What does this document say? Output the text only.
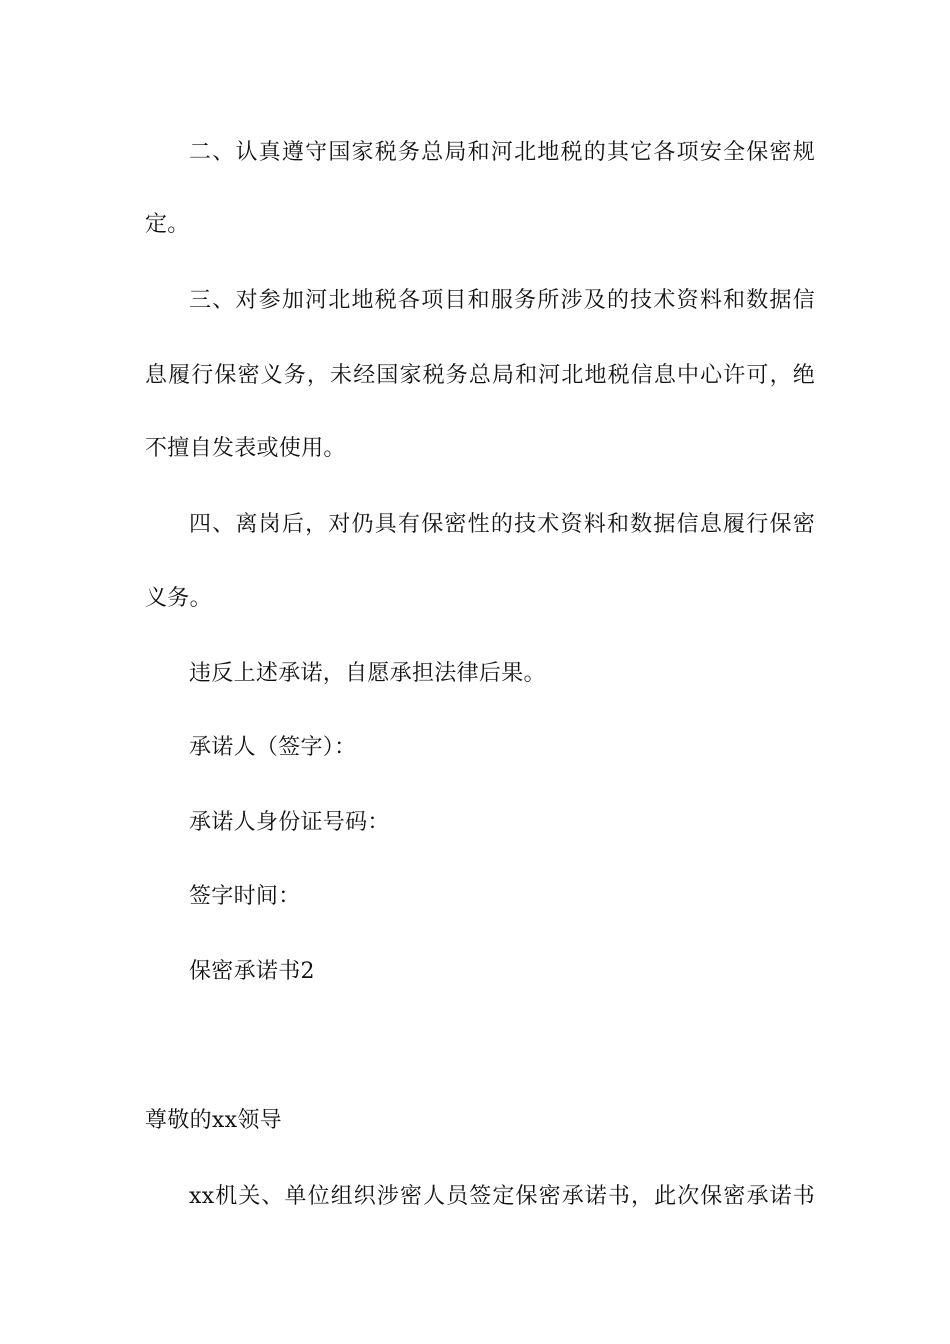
二、认真遵守国家税务总局和河北地税的其它各项安全保密规
定。
三、对参加河北地税各项目和服务所涉及的技术资料和数据信
息履行保密义务，未经国家税务总局和河北地税信息中心许可，绝
不擅自发表或使用。
四、离岗后，对仍具有保密性的技术资料和数据信息履行保密
义务。
违反上述承诺，自愿承担法律后果。
承诺人（签字）：
承诺人身份证号码：
签字时间：
保密承诺书2
尊敬的xx领导
xx机关、单位组织涉密人员签定保密承诺书，此次保密承诺书
